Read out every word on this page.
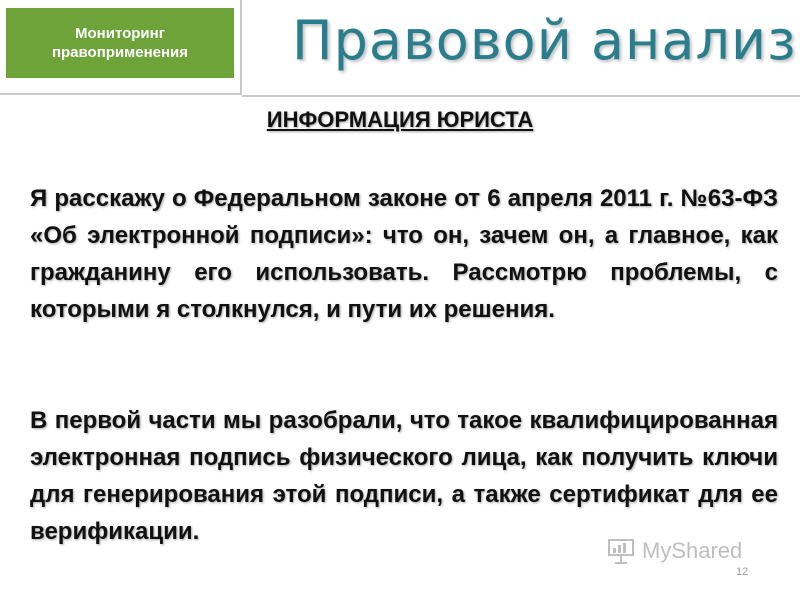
Мониторинг
правоприменения Правовой анализ
ИНФОРМАЦИЯ ЮРИСТА

Я расскажу о Федеральном законе от 6 апреля 2011 г. №63-ФЗ «Об электронной подписи»: что он, зачем он, а главное, как гражданину его использовать. Рассмотрю проблемы, с которыми я столкнулся, и пути их решения.

В первой части мы разобрали, что такое квалифицированная электронная подпись физического лица, как получить ключи для генерирования этой подписи, а также сертификат для ее верификации.

MyShared
12
